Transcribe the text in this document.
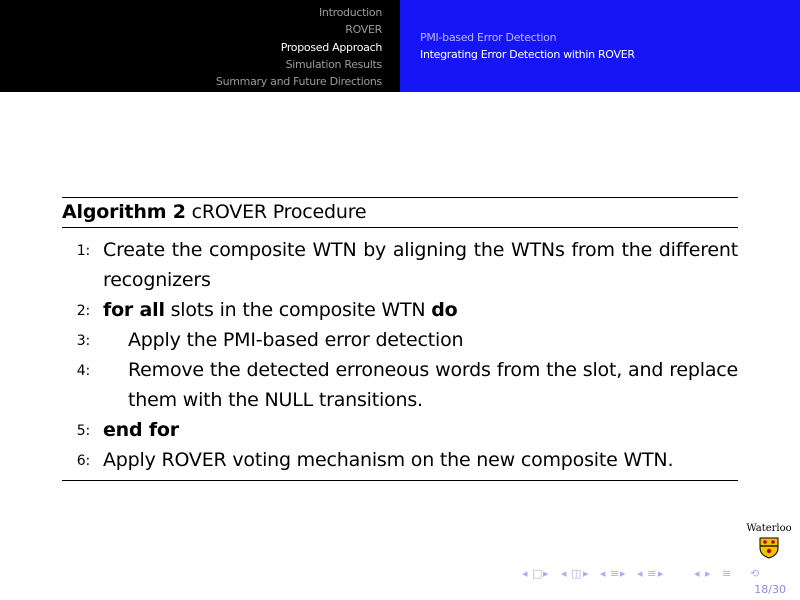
Introduction
ROVER
Proposed Approach
Simulation Results
Summary and Future Directions
PMI-based Error Detection
Integrating Error Detection within ROVER
Algorithm 2 cROVER Procedure
1: Create the composite WTN by aligning the WTNs from the different recognizers
2: for all slots in the composite WTN do
3: Apply the PMI-based error detection
4: Remove the detected erroneous words from the slot, and replace them with the NULL transitions.
5: end for
6: Apply ROVER voting mechanism on the new composite WTN.
Waterloo
◂ □ ▸ ◂ ◫ ▸ ◂ ≡ ▸ ◂ ≡ ▸	◂ ▸ ≡ ⟲
18/30
